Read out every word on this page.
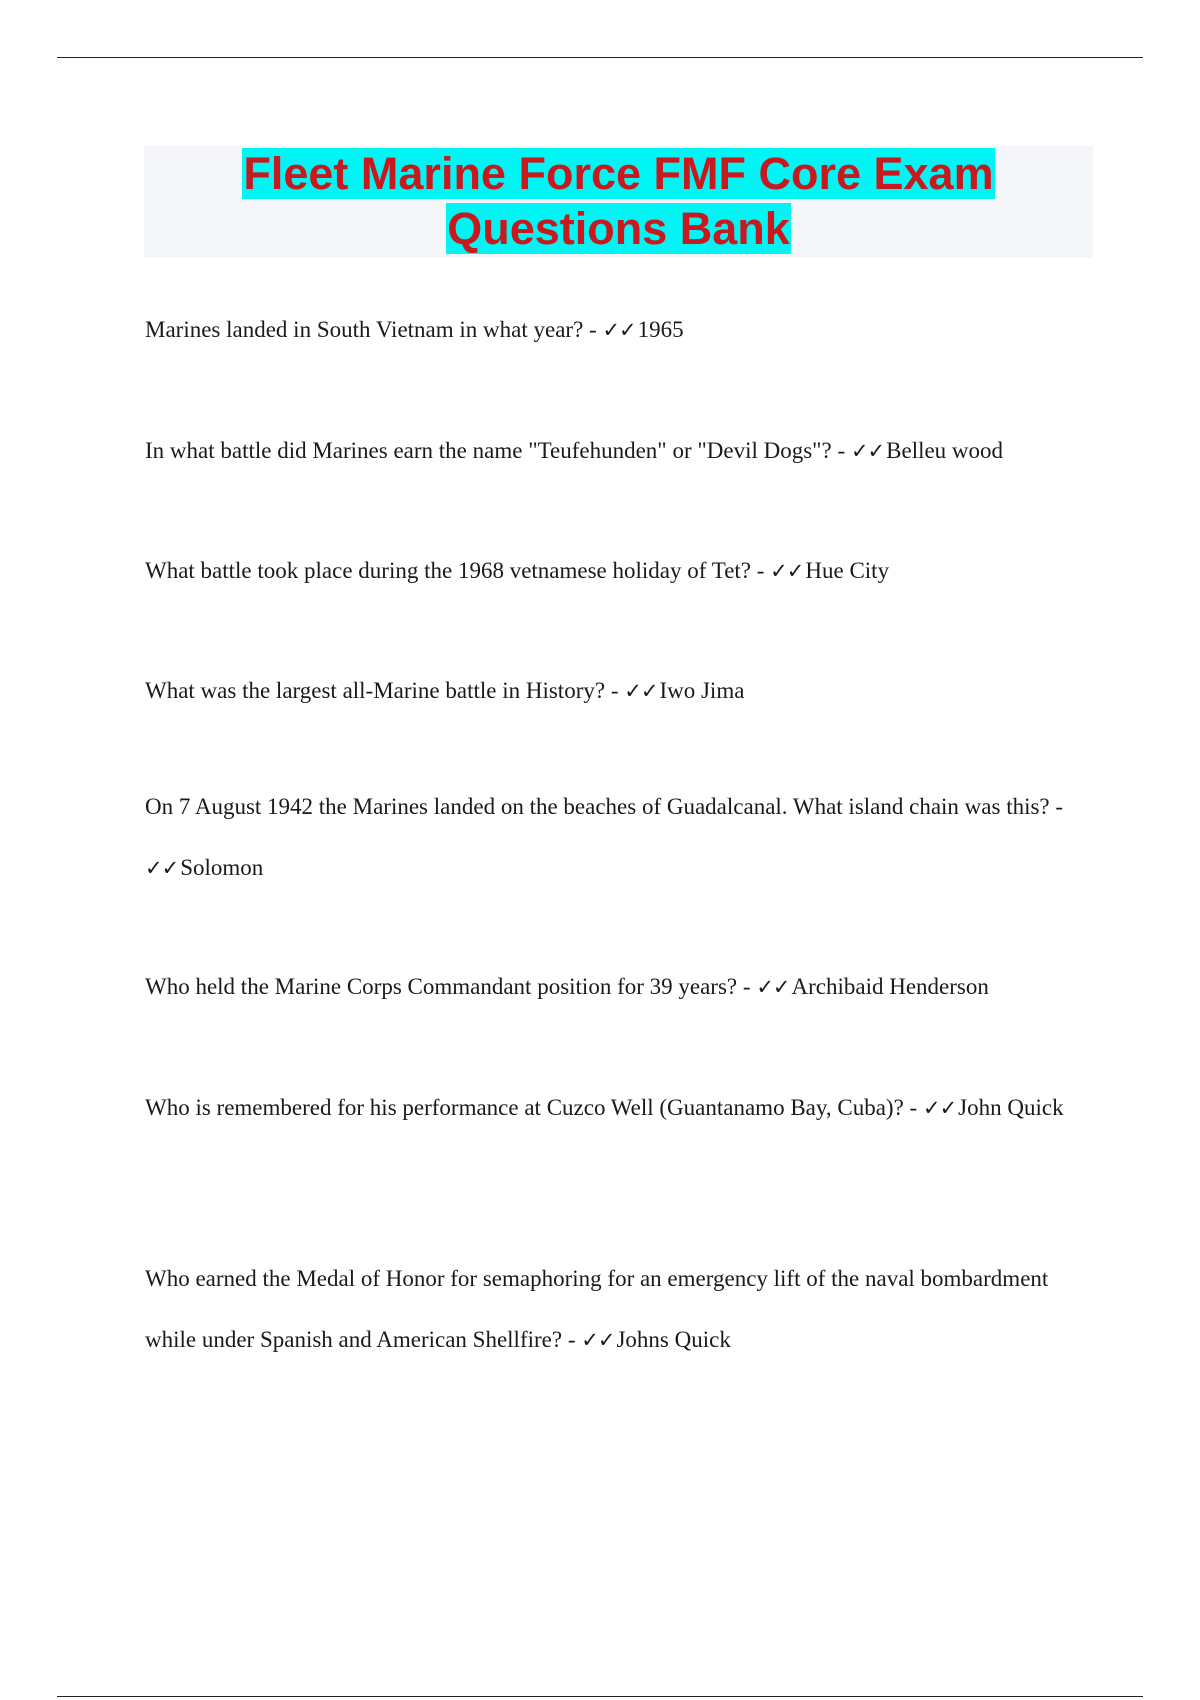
Fleet Marine Force FMF Core Exam
Questions Bank
Marines landed in South Vietnam in what year? - ✓✓1965
In what battle did Marines earn the name "Teufehunden" or "Devil Dogs"? - ✓✓Belleu wood
What battle took place during the 1968 vetnamese holiday of Tet? - ✓✓Hue City
What was the largest all-Marine battle in History? - ✓✓Iwo Jima
On 7 August 1942 the Marines landed on the beaches of Guadalcanal. What island chain was this? - ✓✓Solomon
Who held the Marine Corps Commandant position for 39 years? - ✓✓Archibaid Henderson
Who is remembered for his performance at Cuzco Well (Guantanamo Bay, Cuba)? - ✓✓John Quick
Who earned the Medal of Honor for semaphoring for an emergency lift of the naval bombardment while under Spanish and American Shellfire? - ✓✓Johns Quick
